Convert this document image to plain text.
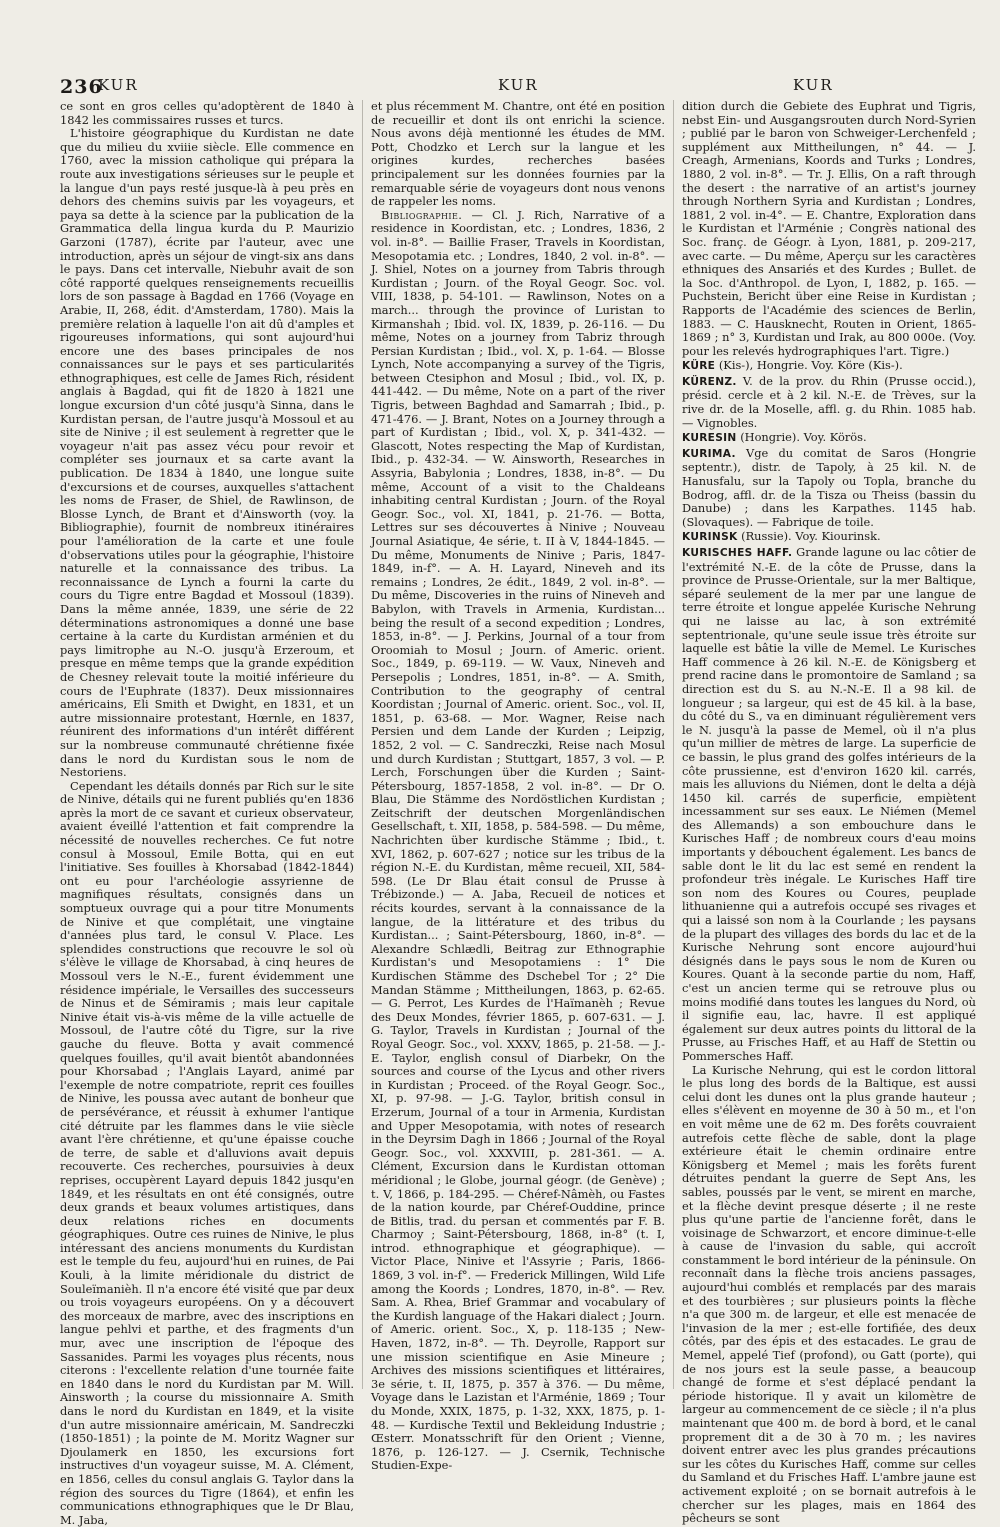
236
KUR	KUR	KUR

ce sont en gros celles qu'adoptèrent de 1840 à 1842 les commissaires russes et turcs.

L'histoire géographique du Kurdistan ne date que du milieu du xviiie siècle. Elle commence en 1760, avec la mission catholique qui prépara la route aux investigations sérieuses sur le peuple et la langue d'un pays resté jusque-là à peu près en dehors des chemins suivis par les voyageurs, et paya sa dette à la science par la publication de la Grammatica della lingua kurda du P. Maurizio Garzoni (1787), écrite par l'auteur, avec une introduction, après un séjour de vingt-six ans dans le pays. Dans cet intervalle, Niebuhr avait de son côté rapporté quelques renseignements recueillis lors de son passage à Bagdad en 1766 (Voyage en Arabie, II, 268, édit. d'Amsterdam, 1780). Mais la première relation à laquelle l'on ait dû d'amples et rigoureuses informations, qui sont aujourd'hui encore une des bases principales de nos connaissances sur le pays et ses particularités ethnographiques, est celle de James Rich, résident anglais à Bagdad, qui fit de 1820 à 1821 une longue excursion d'un côté jusqu'à Sinna, dans le Kurdistan persan, de l'autre jusqu'à Mossoul et au site de Ninive ; il est seulement à regretter que le voyageur n'ait pas assez vécu pour revoir et compléter ses journaux et sa carte avant la publication. De 1834 à 1840, une longue suite d'excursions et de courses, auxquelles s'attachent les noms de Fraser, de Shiel, de Rawlinson, de Blosse Lynch, de Brant et d'Ainsworth (voy. la Bibliographie), fournit de nombreux itinéraires pour l'amélioration de la carte et une foule d'observations utiles pour la géographie, l'histoire naturelle et la connaissance des tribus. La reconnaissance de Lynch a fourni la carte du cours du Tigre entre Bagdad et Mossoul (1839). Dans la même année, 1839, une série de 22 déterminations astronomiques a donné une base certaine à la carte du Kurdistan arménien et du pays limitrophe au N.-O. jusqu'à Erzeroum, et presque en même temps que la grande expédition de Chesney relevait toute la moitié inférieure du cours de l'Euphrate (1837). Deux missionnaires américains, Eli Smith et Dwight, en 1831, et un autre missionnaire protestant, Hœrnle, en 1837, réunirent des informations d'un intérêt différent sur la nombreuse communauté chrétienne fixée dans le nord du Kurdistan sous le nom de Nestoriens.

Cependant les détails donnés par Rich sur le site de Ninive, détails qui ne furent publiés qu'en 1836 après la mort de ce savant et curieux observateur, avaient éveillé l'attention et fait comprendre la nécessité de nouvelles recherches. Ce fut notre consul à Mossoul, Emile Botta, qui en eut l'initiative. Ses fouilles à Khorsabad (1842-1844) ont eu pour l'archéologie assyrienne de magnifiques résultats, consignés dans un somptueux ouvrage qui a pour titre Monuments de Ninive et que complétait, une vingtaine d'années plus tard, le consul V. Place. Les splendides constructions que recouvre le sol où s'élève le village de Khorsabad, à cinq heures de Mossoul vers le N.-E., furent évidemment une résidence impériale, le Versailles des successeurs de Ninus et de Sémiramis ; mais leur capitale Ninive était vis-à-vis même de la ville actuelle de Mossoul, de l'autre côté du Tigre, sur la rive gauche du fleuve. Botta y avait commencé quelques fouilles, qu'il avait bientôt abandonnées pour Khorsabad ; l'Anglais Layard, animé par l'exemple de notre compatriote, reprit ces fouilles de Ninive, les poussa avec autant de bonheur que de persévérance, et réussit à exhumer l'antique cité détruite par les flammes dans le viie siècle avant l'ère chrétienne, et qu'une épaisse couche de terre, de sable et d'alluvions avait depuis recouverte. Ces recherches, poursuivies à deux reprises, occupèrent Layard depuis 1842 jusqu'en 1849, et les résultats en ont été consignés, outre deux grands et beaux volumes artistiques, dans deux relations riches en documents géographiques. Outre ces ruines de Ninive, le plus intéressant des anciens monuments du Kurdistan est le temple du feu, aujourd'hui en ruines, de Pai Kouli, à la limite méridionale du district de Souleïmanièh. Il n'a encore été visité que par deux ou trois voyageurs européens. On y a découvert des morceaux de marbre, avec des inscriptions en langue pehlvi et parthe, et des fragments d'un mur, avec une inscription de l'époque des Sassanides. Parmi les voyages plus récents, nous citerons : l'excellente relation d'une tournée faite en 1840 dans le nord du Kurdistan par M. Will. Ainsworth ; la course du missionnaire A. Smith dans le nord du Kurdistan en 1849, et la visite d'un autre missionnaire américain, M. Sandreczki (1850-1851) ; la pointe de M. Moritz Wagner sur Djoulamerk en 1850, les excursions fort instructives d'un voyageur suisse, M. A. Clément, en 1856, celles du consul anglais G. Taylor dans la région des sources du Tigre (1864), et enfin les communications ethnographiques que le Dr Blau, M. Jaba,

et plus récemment M. Chantre, ont été en position de recueillir et dont ils ont enrichi la science. Nous avons déjà mentionné les études de MM. Pott, Chodzko et Lerch sur la langue et les origines kurdes, recherches basées principalement sur les données fournies par la remarquable série de voyageurs dont nous venons de rappeler les noms.

Bibliographie. — Cl. J. Rich, Narrative of a residence in Koordistan, etc. ; Londres, 1836, 2 vol. in-8°. — Baillie Fraser, Travels in Koordistan, Mesopotamia etc. ; Londres, 1840, 2 vol. in-8°. — J. Shiel, Notes on a journey from Tabris through Kurdistan ; Journ. of the Royal Geogr. Soc. vol. VIII, 1838, p. 54-101. — Rawlinson, Notes on a march... through the province of Luristan to Kirmanshah ; Ibid. vol. IX, 1839, p. 26-116. — Du même, Notes on a journey from Tabriz through Persian Kurdistan ; Ibid., vol. X, p. 1-64. — Blosse Lynch, Note accompanying a survey of the Tigris, between Ctesiphon and Mosul ; Ibid., vol. IX, p. 441-442. — Du même, Note on a part of the river Tigris, between Baghdad and Samarrah ; Ibid., p. 471-476. — J. Brant, Notes on a Journey through a part of Kurdistan ; Ibid., vol. X, p. 341-432. — Glascott, Notes respecting the Map of Kurdistan, Ibid., p. 432-34. — W. Ainsworth, Researches in Assyria, Babylonia ; Londres, 1838, in-8°. — Du même, Account of a visit to the Chaldeans inhabiting central Kurdistan ; Journ. of the Royal Geogr. Soc., vol. XI, 1841, p. 21-76. — Botta, Lettres sur ses découvertes à Ninive ; Nouveau Journal Asiatique, 4e série, t. II à V, 1844-1845. — Du même, Monuments de Ninive ; Paris, 1847-1849, in-f°. — A. H. Layard, Nineveh and its remains ; Londres, 2e édit., 1849, 2 vol. in-8°. — Du même, Discoveries in the ruins of Nineveh and Babylon, with Travels in Armenia, Kurdistan... being the result of a second expedition ; Londres, 1853, in-8°. — J. Perkins, Journal of a tour from Oroomiah to Mosul ; Journ. of Americ. orient. Soc., 1849, p. 69-119. — W. Vaux, Nineveh and Persepolis ; Londres, 1851, in-8°. — A. Smith, Contribution to the geography of central Koordistan ; Journal of Americ. orient. Soc., vol. II, 1851, p. 63-68. — Mor. Wagner, Reise nach Persien und dem Lande der Kurden ; Leipzig, 1852, 2 vol. — C. Sandreczki, Reise nach Mosul und durch Kurdistan ; Stuttgart, 1857, 3 vol. — P. Lerch, Forschungen über die Kurden ; Saint-Pétersbourg, 1857-1858, 2 vol. in-8°. — Dr O. Blau, Die Stämme des Nordöstlichen Kurdistan ; Zeitschrift der deutschen Morgenländischen Gesellschaft, t. XII, 1858, p. 584-598. — Du même, Nachrichten über kurdische Stämme ; Ibid., t. XVI, 1862, p. 607-627 ; notice sur les tribus de la région N.-E. du Kurdistan, même recueil, XII, 584-598. (Le Dr Blau était consul de Prusse à Trébizonde.) — A. Jaba, Recueil de notices et récits kourdes, servant à la connaissance de la langue, de la littérature et des tribus du Kurdistan... ; Saint-Pétersbourg, 1860, in-8°. — Alexandre Schlædli, Beitrag zur Ethnographie Kurdistan's und Mesopotamiens : 1° Die Kurdischen Stämme des Dschebel Tor ; 2° Die Mandan Stämme ; Mittheilungen, 1863, p. 62-65. — G. Perrot, Les Kurdes de l'Haïmanèh ; Revue des Deux Mondes, février 1865, p. 607-631. — J. G. Taylor, Travels in Kurdistan ; Journal of the Royal Geogr. Soc., vol. XXXV, 1865, p. 21-58. — J.-E. Taylor, english consul of Diarbekr, On the sources and course of the Lycus and other rivers in Kurdistan ; Proceed. of the Royal Geogr. Soc., XI, p. 97-98. — J.-G. Taylor, british consul in Erzerum, Journal of a tour in Armenia, Kurdistan and Upper Mesopotamia, with notes of research in the Deyrsim Dagh in 1866 ; Journal of the Royal Geogr. Soc., vol. XXXVIII, p. 281-361. — A. Clément, Excursion dans le Kurdistan ottoman méridional ; le Globe, journal géogr. (de Genève) ; t. V, 1866, p. 184-295. — Chéref-Nâmèh, ou Fastes de la nation kourde, par Chéref-Ouddine, prince de Bitlis, trad. du persan et commentés par F. B. Charmoy ; Saint-Pétersbourg, 1868, in-8° (t. I, introd. ethnographique et géographique). — Victor Place, Ninive et l'Assyrie ; Paris, 1866-1869, 3 vol. in-f°. — Frederick Millingen, Wild Life among the Koords ; Londres, 1870, in-8°. — Rev. Sam. A. Rhea, Brief Grammar and vocabulary of the Kurdish language of the Hakari dialect ; Journ. of Americ. orient. Soc., X, p. 118-135 ; New-Haven, 1872, in-8°. — Th. Deyrolle, Rapport sur une mission scientifique en Asie Mineure ; Archives des missions scientifiques et littéraires, 3e série, t. II, 1875, p. 357 à 376. — Du même, Voyage dans le Lazistan et l'Arménie, 1869 ; Tour du Monde, XXIX, 1875, p. 1-32, XXX, 1875, p. 1-48. — Kurdische Textil und Bekleidung Industrie ; Œsterr. Monatsschrift für den Orient ; Vienne, 1876, p. 126-127. — J. Csernik, Technische Studien-Expe-

dition durch die Gebiete des Euphrat und Tigris, nebst Ein- und Ausgangsrouten durch Nord-Syrien ; publié par le baron von Schweiger-Lerchenfeld ; supplément aux Mittheilungen, n° 44. — J. Creagh, Armenians, Koords and Turks ; Londres, 1880, 2 vol. in-8°. — Tr. J. Ellis, On a raft through the desert : the narrative of an artist's journey through Northern Syria and Kurdistan ; Londres, 1881, 2 vol. in-4°. — E. Chantre, Exploration dans le Kurdistan et l'Arménie ; Congrès national des Soc. franç. de Géogr. à Lyon, 1881, p. 209-217, avec carte. — Du même, Aperçu sur les caractères ethniques des Ansariés et des Kurdes ; Bullet. de la Soc. d'Anthropol. de Lyon, I, 1882, p. 165. — Puchstein, Bericht über eine Reise in Kurdistan ; Rapports de l'Académie des sciences de Berlin, 1883. — C. Hausknecht, Routen in Orient, 1865-1869 ; n° 3, Kurdistan und Irak, au 800 000e. (Voy. pour les relevés hydrographiques l'art. Tigre.)

KÜRE (Kis-), Hongrie. Voy. Köre (Kis-).

KÜRENZ. V. de la prov. du Rhin (Prusse occid.), présid. cercle et à 2 kil. N.-E. de Trèves, sur la rive dr. de la Moselle, affl. g. du Rhin. 1085 hab. — Vignobles.

KURESIN (Hongrie). Voy. Körös.

KURIMA. Vge du comitat de Saros (Hongrie septentr.), distr. de Tapoly, à 25 kil. N. de Hanusfalu, sur la Tapoly ou Topla, branche du Bodrog, affl. dr. de la Tisza ou Theiss (bassin du Danube) ; dans les Karpathes. 1145 hab. (Slovaques). — Fabrique de toile.

KURINSK (Russie). Voy. Kiourinsk.

KURISCHES HAFF. Grande lagune ou lac côtier de l'extrémité N.-E. de la côte de Prusse, dans la province de Prusse-Orientale, sur la mer Baltique, séparé seulement de la mer par une langue de terre étroite et longue appelée Kurische Nehrung qui ne laisse au lac, à son extrémité septentrionale, qu'une seule issue très étroite sur laquelle est bâtie la ville de Memel. Le Kurisches Haff commence à 26 kil. N.-E. de Königsberg et prend racine dans le promontoire de Samland ; sa direction est du S. au N.-N.-E. Il a 98 kil. de longueur ; sa largeur, qui est de 45 kil. à la base, du côté du S., va en diminuant régulièrement vers le N. jusqu'à la passe de Memel, où il n'a plus qu'un millier de mètres de large. La superficie de ce bassin, le plus grand des golfes intérieurs de la côte prussienne, est d'environ 1620 kil. carrés, mais les alluvions du Niémen, dont le delta a déjà 1450 kil. carrés de superficie, empiètent incessamment sur ses eaux. Le Niémen (Memel des Allemands) a son embouchure dans le Kurisches Haff ; de nombreux cours d'eau moins importants y débouchent également. Les bancs de sable dont le lit du lac est semé en rendent la profondeur très inégale. Le Kurisches Haff tire son nom des Koures ou Coures, peuplade lithuanienne qui a autrefois occupé ses rivages et qui a laissé son nom à la Courlande ; les paysans de la plupart des villages des bords du lac et de la Kurische Nehrung sont encore aujourd'hui désignés dans le pays sous le nom de Kuren ou Koures. Quant à la seconde partie du nom, Haff, c'est un ancien terme qui se retrouve plus ou moins modifié dans toutes les langues du Nord, où il signifie eau, lac, havre. Il est appliqué également sur deux autres points du littoral de la Prusse, au Frisches Haff, et au Haff de Stettin ou Pommersches Haff.

La Kurische Nehrung, qui est le cordon littoral le plus long des bords de la Baltique, est aussi celui dont les dunes ont la plus grande hauteur ; elles s'élèvent en moyenne de 30 à 50 m., et l'on en voit même une de 62 m. Des forêts couvraient autrefois cette flèche de sable, dont la plage extérieure était le chemin ordinaire entre Königsberg et Memel ; mais les forêts furent détruites pendant la guerre de Sept Ans, les sables, poussés par le vent, se mirent en marche, et la flèche devint presque déserte ; il ne reste plus qu'une partie de l'ancienne forêt, dans le voisinage de Schwarzort, et encore diminue-t-elle à cause de l'invasion du sable, qui accroît constamment le bord intérieur de la péninsule. On reconnaît dans la flèche trois anciens passages, aujourd'hui comblés et remplacés par des marais et des tourbières ; sur plusieurs points la flèche n'a que 300 m. de largeur, et elle est menacée de l'invasion de la mer ; est-elle fortifiée, des deux côtés, par des épis et des estacades. Le grau de Memel, appelé Tief (profond), ou Gatt (porte), qui de nos jours est la seule passe, a beaucoup changé de forme et s'est déplacé pendant la période historique. Il y avait un kilomètre de largeur au commencement de ce siècle ; il n'a plus maintenant que 400 m. de bord à bord, et le canal proprement dit a de 30 à 70 m. ; les navires doivent entrer avec les plus grandes précautions sur les côtes du Kurisches Haff, comme sur celles du Samland et du Frisches Haff. L'ambre jaune est activement exploité ; on se bornait autrefois à le chercher sur les plages, mais en 1864 des pêcheurs se sont
